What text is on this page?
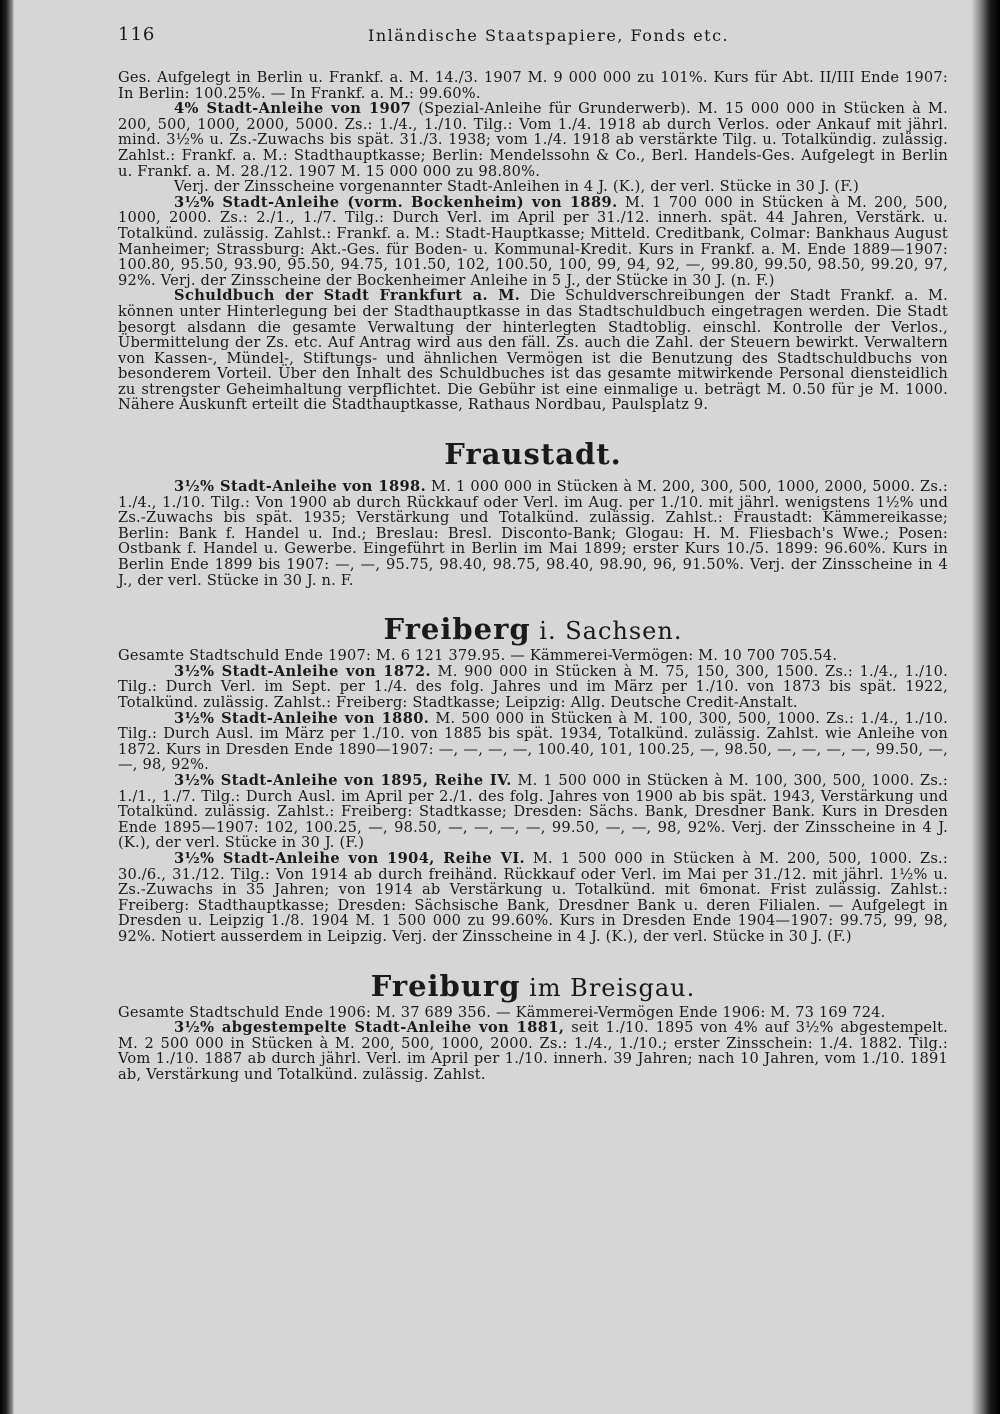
116	Inländische Staatspapiere, Fonds etc.

Ges. Aufgelegt in Berlin u. Frankf. a. M. 14./3. 1907 M. 9 000 000 zu 101%. Kurs für Abt. II/III Ende 1907: In Berlin: 100.25%. — In Frankf. a. M.: 99.60%.

4% Stadt-Anleihe von 1907 (Spezial-Anleihe für Grunderwerb). M. 15 000 000 in Stücken à M. 200, 500, 1000, 2000, 5000. Zs.: 1./4., 1./10. Tilg.: Vom 1./4. 1918 ab durch Verlos. oder Ankauf mit jährl. mind. 3½% u. Zs.-Zuwachs bis spät. 31./3. 1938; vom 1./4. 1918 ab verstärkte Tilg. u. Totalkündig. zulässig. Zahlst.: Frankf. a. M.: Stadthauptkasse; Berlin: Mendelssohn & Co., Berl. Handels-Ges. Aufgelegt in Berlin u. Frankf. a. M. 28./12. 1907 M. 15 000 000 zu 98.80%.

Verj. der Zinsscheine vorgenannter Stadt-Anleihen in 4 J. (K.), der verl. Stücke in 30 J. (F.)

3½% Stadt-Anleihe (vorm. Bockenheim) von 1889. M. 1 700 000 in Stücken à M. 200, 500, 1000, 2000. Zs.: 2./1., 1./7. Tilg.: Durch Verl. im April per 31./12. innerh. spät. 44 Jahren, Verstärk. u. Totalkünd. zulässig. Zahlst.: Frankf. a. M.: Stadt-Hauptkasse; Mitteld. Creditbank, Colmar: Bankhaus August Manheimer; Strassburg: Akt.-Ges. für Boden- u. Kommunal-Kredit. Kurs in Frankf. a. M. Ende 1889—1907: 100.80, 95.50, 93.90, 95.50, 94.75, 101.50, 102, 100.50, 100, 99, 94, 92, —, 99.80, 99.50, 98.50, 99.20, 97, 92%. Verj. der Zinsscheine der Bockenheimer Anleihe in 5 J., der Stücke in 30 J. (n. F.)

Schuldbuch der Stadt Frankfurt a. M. Die Schuldverschreibungen der Stadt Frankf. a. M. können unter Hinterlegung bei der Stadthauptkasse in das Stadtschuldbuch eingetragen werden. Die Stadt besorgt alsdann die gesamte Verwaltung der hinterlegten Stadtoblig. einschl. Kontrolle der Verlos., Übermittelung der Zs. etc. Auf Antrag wird aus den fäll. Zs. auch die Zahl. der Steuern bewirkt. Verwaltern von Kassen-, Mündel-, Stiftungs- und ähnlichen Vermögen ist die Benutzung des Stadtschuldbuchs von besonderem Vorteil. Über den Inhalt des Schuldbuches ist das gesamte mitwirkende Personal diensteidlich zu strengster Geheimhaltung verpflichtet. Die Gebühr ist eine einmalige u. beträgt M. 0.50 für je M. 1000. Nähere Auskunft erteilt die Stadthauptkasse, Rathaus Nordbau, Paulsplatz 9.

Fraustadt.

3½% Stadt-Anleihe von 1898. M. 1 000 000 in Stücken à M. 200, 300, 500, 1000, 2000, 5000. Zs.: 1./4., 1./10. Tilg.: Von 1900 ab durch Rückkauf oder Verl. im Aug. per 1./10. mit jährl. wenigstens 1½% und Zs.-Zuwachs bis spät. 1935; Verstärkung und Totalkünd. zulässig. Zahlst.: Fraustadt: Kämmereikasse; Berlin: Bank f. Handel u. Ind.; Breslau: Bresl. Disconto-Bank; Glogau: H. M. Fliesbach's Wwe.; Posen: Ostbank f. Handel u. Gewerbe. Eingeführt in Berlin im Mai 1899; erster Kurs 10./5. 1899: 96.60%. Kurs in Berlin Ende 1899 bis 1907: —, —, 95.75, 98.40, 98.75, 98.40, 98.90, 96, 91.50%. Verj. der Zinsscheine in 4 J., der verl. Stücke in 30 J. n. F.

Freiberg i. Sachsen.

Gesamte Stadtschuld Ende 1907: M. 6 121 379.95. — Kämmerei-Vermögen: M. 10 700 705.54.

3½% Stadt-Anleihe von 1872. M. 900 000 in Stücken à M. 75, 150, 300, 1500. Zs.: 1./4., 1./10. Tilg.: Durch Verl. im Sept. per 1./4. des folg. Jahres und im März per 1./10. von 1873 bis spät. 1922, Totalkünd. zulässig. Zahlst.: Freiberg: Stadtkasse; Leipzig: Allg. Deutsche Credit-Anstalt.

3½% Stadt-Anleihe von 1880. M. 500 000 in Stücken à M. 100, 300, 500, 1000. Zs.: 1./4., 1./10. Tilg.: Durch Ausl. im März per 1./10. von 1885 bis spät. 1934, Totalkünd. zulässig. Zahlst. wie Anleihe von 1872. Kurs in Dresden Ende 1890—1907: —, —, —, —, 100.40, 101, 100.25, —, 98.50, —, —, —, —, 99.50, —, —, 98, 92%.

3½% Stadt-Anleihe von 1895, Reihe IV. M. 1 500 000 in Stücken à M. 100, 300, 500, 1000. Zs.: 1./1., 1./7. Tilg.: Durch Ausl. im April per 2./1. des folg. Jahres von 1900 ab bis spät. 1943, Verstärkung und Totalkünd. zulässig. Zahlst.: Freiberg: Stadtkasse; Dresden: Sächs. Bank, Dresdner Bank. Kurs in Dresden Ende 1895—1907: 102, 100.25, —, 98.50, —, —, —, —, 99.50, —, —, 98, 92%. Verj. der Zinsscheine in 4 J. (K.), der verl. Stücke in 30 J. (F.)

3½% Stadt-Anleihe von 1904, Reihe VI. M. 1 500 000 in Stücken à M. 200, 500, 1000. Zs.: 30./6., 31./12. Tilg.: Von 1914 ab durch freihänd. Rückkauf oder Verl. im Mai per 31./12. mit jährl. 1½% u. Zs.-Zuwachs in 35 Jahren; von 1914 ab Verstärkung u. Totalkünd. mit 6monat. Frist zulässig. Zahlst.: Freiberg: Stadthauptkasse; Dresden: Sächsische Bank, Dresdner Bank u. deren Filialen. — Aufgelegt in Dresden u. Leipzig 1./8. 1904 M. 1 500 000 zu 99.60%. Kurs in Dresden Ende 1904—1907: 99.75, 99, 98, 92%. Notiert ausserdem in Leipzig. Verj. der Zinsscheine in 4 J. (K.), der verl. Stücke in 30 J. (F.)

Freiburg im Breisgau.

Gesamte Stadtschuld Ende 1906: M. 37 689 356. — Kämmerei-Vermögen Ende 1906: M. 73 169 724.

3½% abgestempelte Stadt-Anleihe von 1881, seit 1./10. 1895 von 4% auf 3½% abgestempelt. M. 2 500 000 in Stücken à M. 200, 500, 1000, 2000. Zs.: 1./4., 1./10.; erster Zinsschein: 1./4. 1882. Tilg.: Vom 1./10. 1887 ab durch jährl. Verl. im April per 1./10. innerh. 39 Jahren; nach 10 Jahren, vom 1./10. 1891 ab, Verstärkung und Totalkünd. zulässig. Zahlst.
